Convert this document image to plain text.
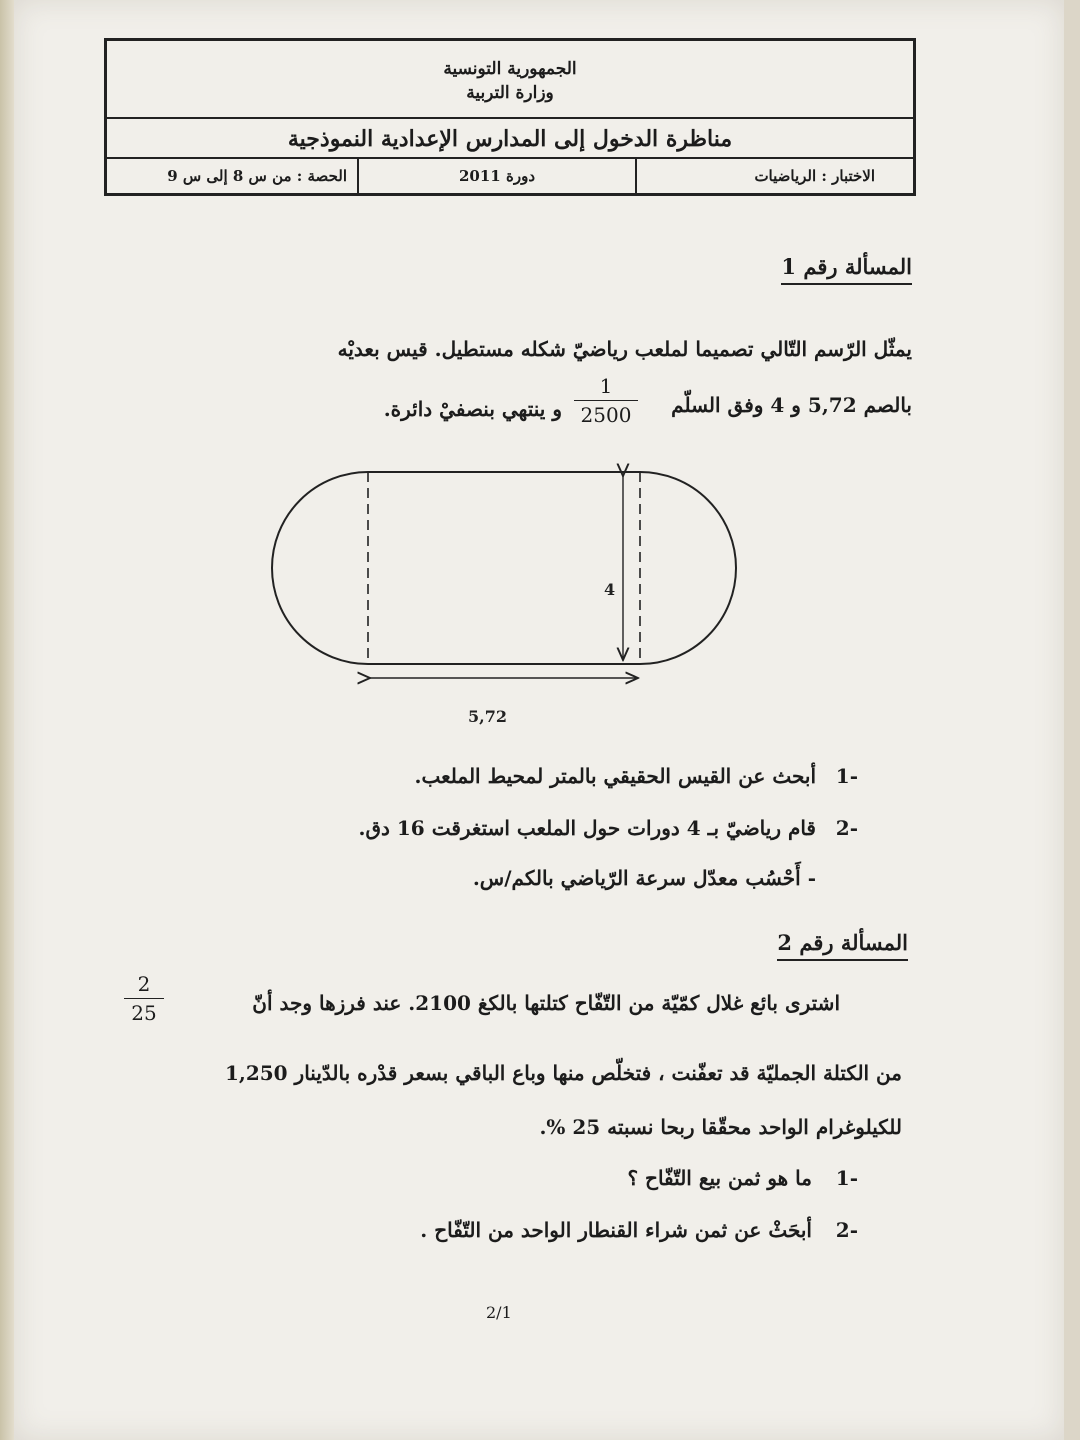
الجمهورية التونسية
وزارة التربية
مناظرة الدخول إلى المدارس الإعدادية النموذجية
الاختبار : الرياضيات
دورة 2011
الحصة : من س 8 إلى س 9
المسألة رقم 1
يمثّل الرّسم التّالي تصميما لملعب رياضيّ شكله مستطيل. قيس بعديْه
بالصم 5,72 و 4 وفق السلّم
$\frac{1}{2500}$
و ينتهي بنصفيْ دائرة.
4
5,72
-1
أبحث عن القيس الحقيقي بالمتر لمحيط الملعب.
-2
قام رياضيّ بـ 4 دورات حول الملعب استغرقت 16 دق.
- أَحْسُب معدّل سرعة الرّياضي بالكم/س.
المسألة رقم 2
اشترى بائع غلال كمّيّة من التّفّاح كتلتها بالكغ 2100. عند فرزها وجد أنّ
$\frac{2}{25}$
من الكتلة الجمليّة قد تعفّنت ، فتخلّص منها وباع الباقي بسعر قدْره بالدّينار 1,250
للكيلوغرام الواحد محقّقا ربحا نسبته 25 %.
-1
ما هو ثمن بيع التّفّاح ؟
-2
أبحَثْ عن ثمن شراء القنطار الواحد من التّفّاح .
2/1
